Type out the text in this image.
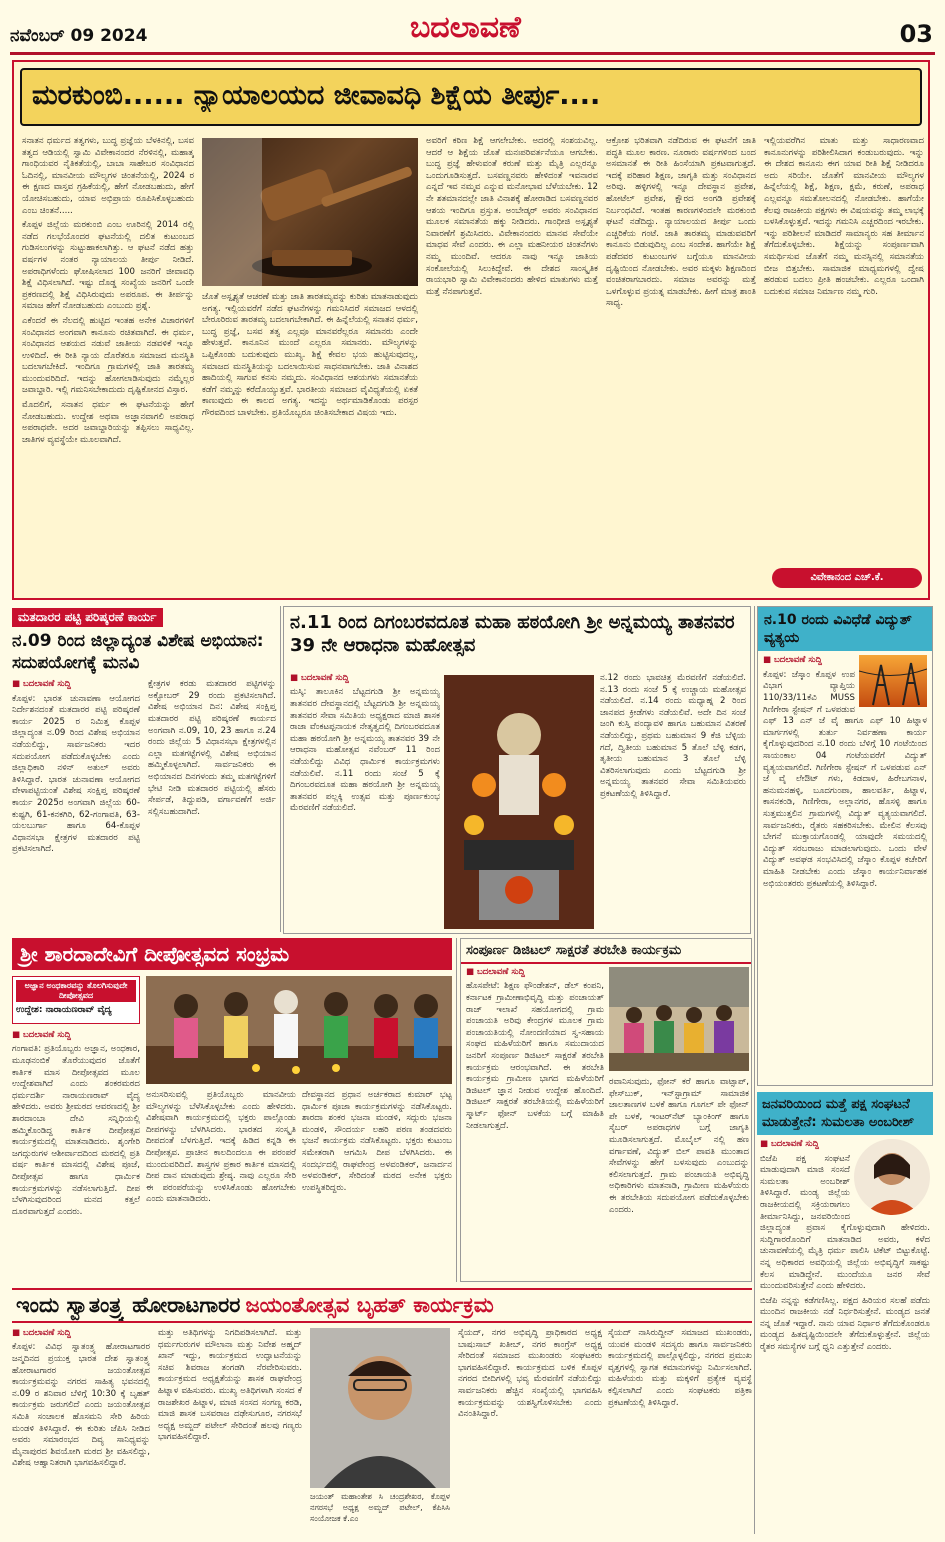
ನವೆಂಬರ್ 09 2024	ಬದಲಾವಣೆ	03
ಮರಕುಂಬಿ...... ನ್ಯಾಯಾಲಯದ ಜೀವಾವಧಿ ಶಿಕ್ಷೆಯ ತೀರ್ಪು....

ಸನಾತನ ಧರ್ಮದ ತತ್ವಗಳು, ಬುದ್ಧ ಪ್ರಜ್ಞೆಯ ಬೆಳಕಿನಲ್ಲಿ, ಬಸವ ತತ್ವದ ಆಡಿಯಲ್ಲಿ ಸ್ವಾಮಿ ವಿವೇಕಾನಂದರ ನೆರಳಿನಲ್ಲಿ, ಮಹಾತ್ಮ ಗಾಂಧಿಯವರ ನೈತಿಕತೆಯಲ್ಲಿ, ಬಾಬಾ ಸಾಹೇಬರ ಸಂವಿಧಾನದ ಓದಿನಲ್ಲಿ, ಮಾನವೀಯ ಮೌಲ್ಯಗಳ ಚಿಂತನೆಯಲ್ಲಿ, 2024 ರ ಈ ಕ್ಷಣದ ವಾಸ್ತವ ಗ್ರಹಿಕೆಯಲ್ಲಿ, ಹೇಗೆ ನೋಡಬಹುದು, ಹೇಗೆ ಯೋಚಿಸಬಹುದು, ಯಾವ ಅಭಿಪ್ರಾಯ ರೂಪಿಸಿಕೊಳ್ಳಬಹುದು ಎಂಬ ಚಿಂತನೆ.....

ಕೊಪ್ಪಳ ಜಿಲ್ಲೆಯ ಮರಕುಂಬಿ ಎಂಬ ಊರಿನಲ್ಲಿ 2014 ರಲ್ಲಿ ನಡೆದ ಗಲಭೆಯೊಂದರ ಘಟನೆಯಲ್ಲಿ ದಲಿತ ಕುಟುಂಬದ ಗುಡಿಸಲುಗಳನ್ನು ಸುಟ್ಟುಹಾಕಲಾಗಿತ್ತು. ಆ ಘಟನೆ ನಡೆದ ಹತ್ತು ವರ್ಷಗಳ ನಂತರ ನ್ಯಾಯಾಲಯ ತೀರ್ಪು ನೀಡಿದೆ. ಅಪರಾಧಿಗಳೆಂದು ಘೋಷಿಸಲಾದ 100 ಜನರಿಗೆ ಜೀವಾವಧಿ ಶಿಕ್ಷೆ ವಿಧಿಸಲಾಗಿದೆ. ಇಷ್ಟು ದೊಡ್ಡ ಸಂಖ್ಯೆಯ ಜನರಿಗೆ ಒಂದೇ ಪ್ರಕರಣದಲ್ಲಿ ಶಿಕ್ಷೆ ವಿಧಿಸಿರುವುದು ಅಪರೂಪ. ಈ ತೀರ್ಪನ್ನು ಸಮಾಜ ಹೇಗೆ ನೋಡಬಹುದು ಎಂಬುದು ಪ್ರಶ್ನೆ.

ಎಕೆಂದರೆ ಈ ನೆಲದಲ್ಲಿ ಹುಟ್ಟಿದ ಇಂತಹ ಅನೇಕ ವಿಚಾರಗಳಿಗೆ ಸಂವಿಧಾನದ ಅಂಗವಾಗಿ ಕಾನೂನು ರಚಿತವಾಗಿದೆ. ಈ ಧರ್ಮ, ಸಂವಿಧಾನದ ಆಶಯದ ನಡುವೆ ಜಾತೀಯ ನಡವಳಿಕೆ ಇನ್ನೂ ಉಳಿದಿದೆ. ಈ ರೀತಿ ನ್ಯಾಯ ದೊರೆತರೂ ಸಮಾಜದ ಮನಸ್ಥಿತಿ ಬದಲಾಗಬೇಕಿದೆ. ಇಂದಿಗೂ ಗ್ರಾಮಗಳಲ್ಲಿ ಜಾತಿ ತಾರತಮ್ಯ ಮುಂದುವರಿದಿದೆ. ಇದನ್ನು ಹೋಗಲಾಡಿಸುವುದು ನಮ್ಮೆಲ್ಲರ ಜವಾಬ್ದಾರಿ. ಇಲ್ಲಿ ಗಮನಿಸಬೇಕಾದುದು ದೃಷ್ಟಿಕೋನದ ವಿಸ್ತಾರ.

ಮೊದಲಿಗೆ, ಸನಾತನ ಧರ್ಮ ಈ ಘಟನೆಯನ್ನು ಹೇಗೆ ನೋಡಬಹುದು. ಉದ್ದೇಶ ಅಥವಾ ಅಜ್ಞಾನವಾಗಲಿ ಅಪರಾಧ ಅಪರಾಧವೇ. ಅದರ ಜವಾಬ್ದಾರಿಯನ್ನು ತಪ್ಪಿಸಲು ಸಾಧ್ಯವಿಲ್ಲ. ಜಾತಿಗಳ ವ್ಯವಸ್ಥೆಯೇ ಮೂಲವಾಗಿದೆ.

ಜೊತೆ ಅಸ್ಪೃಶ್ಯತೆ ಆಚರಣೆ ಮತ್ತು ಜಾತಿ ತಾರತಮ್ಯವನ್ನು ಕುರಿತು ಮಾತನಾಡುವುದು ಅಗತ್ಯ. ಇಲ್ಲಿಯವರೆಗೆ ನಡೆದ ಘಟನೆಗಳನ್ನು ಗಮನಿಸಿದರೆ ಸಮಾಜದ ಆಳದಲ್ಲಿ ಬೇರೂರಿರುವ ತಾರತಮ್ಯ ಬದಲಾಗಬೇಕಾಗಿದೆ. ಈ ಹಿನ್ನೆಲೆಯಲ್ಲಿ ಸನಾತನ ಧರ್ಮ, ಬುದ್ಧ ಪ್ರಜ್ಞೆ, ಬಸವ ತತ್ವ ಎಲ್ಲವೂ ಮಾನವರೆಲ್ಲರೂ ಸಮಾನರು ಎಂದೇ ಹೇಳುತ್ತವೆ. ಕಾನೂನಿನ ಮುಂದೆ ಎಲ್ಲರೂ ಸಮಾನರು. ಮೌಲ್ಯಗಳನ್ನು ಒಪ್ಪಿಕೊಂಡು ಬದುಕುವುದು ಮುಖ್ಯ. ಶಿಕ್ಷೆ ಕೇವಲ ಭಯ ಹುಟ್ಟಿಸುವುದಲ್ಲ, ಸಮಾಜದ ಮನಸ್ಥಿತಿಯನ್ನು ಬದಲಾಯಿಸುವ ಸಾಧನವಾಗಬೇಕು. ಜಾತಿ ವಿನಾಶದ ಹಾದಿಯಲ್ಲಿ ಸಾಗುವ ಕನಸು ನಮ್ಮದು. ಸಂವಿಧಾನದ ಆಶಯಗಳು ಸಮಾನತೆಯ ಕಡೆಗೆ ನಮ್ಮನ್ನು ಕರೆದೊಯ್ಯುತ್ತವೆ. ಭಾರತೀಯ ಸಮಾಜದ ವೈವಿಧ್ಯತೆಯಲ್ಲಿ ಏಕತೆ ಕಾಣುವುದು ಈ ಕಾಲದ ಅಗತ್ಯ. ಇದನ್ನು ಅರ್ಥಮಾಡಿಕೊಂಡು ಪರಸ್ಪರ ಗೌರವದಿಂದ ಬಾಳಬೇಕು. ಪ್ರತಿಯೊಬ್ಬರೂ ಚಿಂತಿಸಬೇಕಾದ ವಿಷಯ ಇದು.

ಅವರಿಗೆ ಕಠಿಣ ಶಿಕ್ಷೆ ಆಗಲೇಬೇಕು. ಅದರಲ್ಲಿ ಸಂಶಯವಿಲ್ಲ. ಆದರೆ ಆ ಶಿಕ್ಷೆಯ ಜೊತೆ ಮನಃಪರಿವರ್ತನೆಯೂ ಆಗಬೇಕು. ಬುದ್ಧ ಪ್ರಜ್ಞೆ ಹೇಳುವಂತೆ ಕರುಣೆ ಮತ್ತು ಮೈತ್ರಿ ಎಲ್ಲರನ್ನೂ ಒಂದುಗೂಡಿಸುತ್ತದೆ. ಬಸವಣ್ಣನವರು ಹೇಳಿದಂತೆ ಇವನಾರವ ಎನ್ನದೆ ಇವ ನಮ್ಮವ ಎನ್ನುವ ಮನೋಭಾವ ಬೆಳೆಯಬೇಕು. 12 ನೇ ಶತಮಾನದಲ್ಲೇ ಜಾತಿ ವಿನಾಶಕ್ಕೆ ಹೋರಾಡಿದ ಬಸವಣ್ಣನವರ ಆಶಯ ಇಂದಿಗೂ ಪ್ರಸ್ತುತ. ಅಂಬೇಡ್ಕರ್ ಅವರು ಸಂವಿಧಾನದ ಮೂಲಕ ಸಮಾನತೆಯ ಹಕ್ಕು ನೀಡಿದರು. ಗಾಂಧೀಜಿ ಅಸ್ಪೃಶ್ಯತೆ ನಿವಾರಣೆಗೆ ಶ್ರಮಿಸಿದರು. ವಿವೇಕಾನಂದರು ಮಾನವ ಸೇವೆಯೇ ಮಾಧವ ಸೇವೆ ಎಂದರು. ಈ ಎಲ್ಲಾ ಮಹನೀಯರ ಚಿಂತನೆಗಳು ನಮ್ಮ ಮುಂದಿವೆ. ಆದರೂ ನಾವು ಇನ್ನೂ ಜಾತಿಯ ಸಂಕೋಲೆಯಲ್ಲಿ ಸಿಲುಕಿದ್ದೇವೆ. ಈ ದೇಶದ ಸಾಂಸ್ಕೃತಿಕ ರಾಯಭಾರಿ ಸ್ವಾಮಿ ವಿವೇಕಾನಂದರು ಹೇಳಿದ ಮಾತುಗಳು ಮತ್ತೆ ಮತ್ತೆ ನೆನಪಾಗುತ್ತವೆ.

ಆಕ್ರೋಶ ಭರಿತವಾಗಿ ನಡೆದಿರುವ ಈ ಘಟನೆಗೆ ಜಾತಿ ಪದ್ಧತಿ ಮೂಲ ಕಾರಣ. ನೂರಾರು ವರ್ಷಗಳಿಂದ ಬಂದ ಅಸಮಾನತೆ ಈ ರೀತಿ ಹಿಂಸೆಯಾಗಿ ಪ್ರಕಟವಾಗುತ್ತದೆ. ಇದಕ್ಕೆ ಪರಿಹಾರ ಶಿಕ್ಷಣ, ಜಾಗೃತಿ ಮತ್ತು ಸಂವಿಧಾನದ ಅರಿವು. ಹಳ್ಳಿಗಳಲ್ಲಿ ಇನ್ನೂ ದೇವಸ್ಥಾನ ಪ್ರವೇಶ, ಹೋಟೆಲ್ ಪ್ರವೇಶ, ಕ್ಷೌರದ ಅಂಗಡಿ ಪ್ರವೇಶಕ್ಕೆ ನಿರ್ಬಂಧವಿದೆ. ಇಂತಹ ಕಾರಣಗಳಿಂದಲೇ ಮರಕುಂಬಿ ಘಟನೆ ನಡೆದಿದ್ದು. ನ್ಯಾಯಾಲಯದ ತೀರ್ಪು ಒಂದು ಎಚ್ಚರಿಕೆಯ ಗಂಟೆ. ಜಾತಿ ತಾರತಮ್ಯ ಮಾಡುವವರಿಗೆ ಕಾನೂನು ಬಿಡುವುದಿಲ್ಲ ಎಂಬ ಸಂದೇಶ. ಹಾಗೆಯೇ ಶಿಕ್ಷೆ ಪಡೆದವರ ಕುಟುಂಬಗಳ ಬಗ್ಗೆಯೂ ಮಾನವೀಯ ದೃಷ್ಟಿಯಿಂದ ನೋಡಬೇಕು. ಅವರ ಮಕ್ಕಳು ಶಿಕ್ಷಣದಿಂದ ವಂಚಿತರಾಗಬಾರದು. ಸಮಾಜ ಅವರನ್ನು ಮತ್ತೆ ಒಳಗೊಳ್ಳುವ ಪ್ರಯತ್ನ ಮಾಡಬೇಕು. ಹೀಗೆ ಮಾತ್ರ ಶಾಂತಿ ಸಾಧ್ಯ.

ಇಲ್ಲಿಯವರೆಗಿನ ಮಾತು ಮತ್ತು ಸಾಧಾರಣವಾದ ಕಾನೂನುಗಳನ್ನು ಪರಿಶೀಲಿಸಿದಾಗ ಕಂಡುಬರುವುದು. ಇನ್ನು ಈ ದೇಶದ ಕಾನೂನು ಈಗ ಯಾವ ರೀತಿ ಶಿಕ್ಷೆ ನೀಡಿದರೂ ಅದು ಸರಿಯೇ. ಜೊತೆಗೆ ಮಾನವೀಯ ಮೌಲ್ಯಗಳ ಹಿನ್ನೆಲೆಯಲ್ಲಿ ಶಿಕ್ಷೆ, ಶಿಕ್ಷಣ, ಕ್ಷಮೆ, ಕರುಣೆ, ಅಪರಾಧ ಎಲ್ಲವನ್ನೂ ಸಮತೋಲನದಲ್ಲಿ ನೋಡಬೇಕು. ಹಾಗೆಯೇ ಕೆಲವು ರಾಜಕೀಯ ಪಕ್ಷಗಳು ಈ ವಿಷಯವನ್ನು ತಮ್ಮ ಲಾಭಕ್ಕೆ ಬಳಸಿಕೊಳ್ಳುತ್ತವೆ. ಇದನ್ನು ಗಮನಿಸಿ ಎಚ್ಚರದಿಂದ ಇರಬೇಕು. ಇನ್ನು ಪರಿಶೀಲನೆ ಮಾಡಿದರೆ ಸಾಮಾನ್ಯರು ಸಹ ತೀರ್ಮಾನ ತೆಗೆದುಕೊಳ್ಳಬೇಕು. ಶಿಕ್ಷೆಯನ್ನು ಸಂಪೂರ್ಣವಾಗಿ ಸಮರ್ಥಿಸುವ ಜೊತೆಗೆ ನಮ್ಮ ಮನಸ್ಸಿನಲ್ಲಿ ಸಮಾನತೆಯ ಬೀಜ ಬಿತ್ತಬೇಕು. ಸಾಮಾಜಿಕ ಮಾಧ್ಯಮಗಳಲ್ಲಿ ದ್ವೇಷ ಹರಡುವ ಬದಲು ಪ್ರೀತಿ ಹಂಚಬೇಕು. ಎಲ್ಲರೂ ಒಂದಾಗಿ ಬದುಕುವ ಸಮಾಜ ನಿರ್ಮಾಣ ನಮ್ಮ ಗುರಿ.

ವಿವೇಕಾನಂದ ಎಚ್.ಕೆ.
ಮತದಾರರ ಪಟ್ಟಿ ಪರಿಷ್ಕರಣೆ ಕಾರ್ಯ
ನ.09 ರಿಂದ ಜಿಲ್ಲಾದ್ಯಂತ ವಿಶೇಷ ಅಭಿಯಾನ: ಸದುಪಯೋಗಕ್ಕೆ ಮನವಿ
■ ಬದಲಾವಣೆ ಸುದ್ದಿ

ಕೊಪ್ಪಳ: ಭಾರತ ಚುನಾವಣಾ ಆಯೋಗದ ನಿರ್ದೇಶನದಂತೆ ಮತದಾರರ ಪಟ್ಟಿ ಪರಿಷ್ಕರಣೆ ಕಾರ್ಯ 2025 ರ ನಿಮಿತ್ತ ಕೊಪ್ಪಳ ಜಿಲ್ಲಾದ್ಯಂತ ನ.09 ರಿಂದ ವಿಶೇಷ ಅಭಿಯಾನ ನಡೆಯಲಿದ್ದು, ಸಾರ್ವಜನಿಕರು ಇದರ ಸದುಪಯೋಗ ಪಡೆದುಕೊಳ್ಳಬೇಕು ಎಂದು ಜಿಲ್ಲಾಧಿಕಾರಿ ನಳಿನ್ ಅತುಲ್ ಅವರು ತಿಳಿಸಿದ್ದಾರೆ. ಭಾರತ ಚುನಾವಣಾ ಆಯೋಗದ ವೇಳಾಪಟ್ಟಿಯಂತೆ ವಿಶೇಷ ಸಂಕ್ಷಿಪ್ತ ಪರಿಷ್ಕರಣೆ ಕಾರ್ಯ 2025ರ ಅಂಗವಾಗಿ ಜಿಲ್ಲೆಯ 60-ಕುಷ್ಟಗಿ, 61-ಕನಕಗಿರಿ, 62-ಗಂಗಾವತಿ, 63-ಯಲಬುರ್ಗಾ ಹಾಗೂ 64-ಕೊಪ್ಪಳ ವಿಧಾನಸಭಾ ಕ್ಷೇತ್ರಗಳ ಮತದಾರರ ಪಟ್ಟಿ ಪ್ರಕಟಿಸಲಾಗಿದೆ.

ಕ್ಷೇತ್ರಗಳ ಕರಡು ಮತದಾರರ ಪಟ್ಟಿಗಳನ್ನು ಅಕ್ಟೋಬರ್ 29 ರಂದು ಪ್ರಕಟಿಸಲಾಗಿದೆ. ವಿಶೇಷ ಅಭಿಯಾನ ದಿನ: ವಿಶೇಷ ಸಂಕ್ಷಿಪ್ತ ಮತದಾರರ ಪಟ್ಟಿ ಪರಿಷ್ಕರಣೆ ಕಾರ್ಯದ ಅಂಗವಾಗಿ ನ.09, 10, 23 ಹಾಗೂ ನ.24 ರಂದು ಜಿಲ್ಲೆಯ 5 ವಿಧಾನಸಭಾ ಕ್ಷೇತ್ರಗಳಲ್ಲಿನ ಎಲ್ಲಾ ಮತಗಟ್ಟೆಗಳಲ್ಲಿ ವಿಶೇಷ ಅಭಿಯಾನ ಹಮ್ಮಿಕೊಳ್ಳಲಾಗಿದೆ. ಸಾರ್ವಜನಿಕರು ಈ ಅಭಿಯಾನದ ದಿನಗಳಂದು ತಮ್ಮ ಮತಗಟ್ಟೆಗಳಿಗೆ ಭೇಟಿ ನೀಡಿ ಮತದಾರರ ಪಟ್ಟಿಯಲ್ಲಿ ಹೆಸರು ಸೇರ್ಪಡೆ, ತಿದ್ದುಪಡಿ, ವರ್ಗಾವಣೆಗೆ ಅರ್ಜಿ ಸಲ್ಲಿಸಬಹುದಾಗಿದೆ.

ನ.11 ರಿಂದ ದಿಗಂಬರವದೂತ ಮಹಾ ಹಠಯೋಗಿ ಶ್ರೀ ಅನ್ನಮಯ್ಯ ತಾತನವರ 39 ನೇ ಆರಾಧನಾ ಮಹೋತ್ಸವ
■ ಬದಲಾವಣೆ ಸುದ್ದಿ

ಮಸ್ಕಿ: ತಾಲೂಕಿನ ಬೆಟ್ಟದಗುಡಿ ಶ್ರೀ ಅನ್ನಮಯ್ಯ ತಾತನವರ ದೇವಸ್ಥಾನದಲ್ಲಿ ಬೆಟ್ಟದಗುಡಿ ಶ್ರೀ ಅನ್ನಮಯ್ಯ ತಾತನವರ ಸೇವಾ ಸಮಿತಿಯ ಅಧ್ಯಕ್ಷರಾದ ಮಾಜಿ ಶಾಸಕ ರಾಜಾ ವೆಂಕಟಪ್ಪನಾಯಕ ನೇತೃತ್ವದಲ್ಲಿ ದಿಗಂಬರವದೂತ ಮಹಾ ಹಠಯೋಗಿ ಶ್ರೀ ಅನ್ನಮಯ್ಯ ತಾತನವರ 39 ನೇ ಆರಾಧನಾ ಮಹೋತ್ಸವ ನವೆಂಬರ್ 11 ರಿಂದ ನಡೆಯಲಿದ್ದು ವಿವಿಧ ಧಾರ್ಮಿಕ ಕಾರ್ಯಕ್ರಮಗಳು ನಡೆಯಲಿವೆ. ನ.11 ರಂದು ಸಂಜೆ 5 ಕ್ಕೆ ದಿಗಂಬರವದೂತ ಮಹಾ ಹಠಯೋಗಿ ಶ್ರೀ ಅನ್ನಮಯ್ಯ ತಾತನವರ ಪಲ್ಲಕ್ಕಿ ಉತ್ಸವ ಮತ್ತು ಪೂರ್ಣಕುಂಭ ಮೆರವಣಿಗೆ ನಡೆಯಲಿದೆ.

ನ.12 ರಂದು ಭಾವಚಿತ್ರ ಮೆರವಣಿಗೆ ನಡೆಯಲಿದೆ. ನ.13 ರಂದು ಸಂಜೆ 5 ಕ್ಕೆ ಉಚ್ಚಾಯ ಮಹೋತ್ಸವ ನಡೆಯಲಿದೆ. ನ.14 ರಂದು ಮಧ್ಯಾಹ್ನ 2 ರಿಂದ ಜಾನಪದ ಕ್ರೀಡೆಗಳು ನಡೆಯಲಿವೆ. ಅದೇ ದಿನ ಸಂಜೆ ಜಂಗಿ ಕುಸ್ತಿ ಪಂದ್ಯಾವಳಿ ಹಾಗೂ ಬಹುಮಾನ ವಿತರಣೆ ನಡೆಯಲಿದ್ದು, ಪ್ರಥಮ ಬಹುಮಾನ 9 ಕೆಜಿ ಬೆಳ್ಳಿಯ ಗದೆ, ದ್ವಿತೀಯ ಬಹುಮಾನ 5 ತೊಲೆ ಬೆಳ್ಳಿ ಕಡಗ, ತೃತೀಯ ಬಹುಮಾನ 3 ತೊಲೆ ಬೆಳ್ಳಿ ವಿತರಿಸಲಾಗುವುದು ಎಂದು ಬೆಟ್ಟದಗುಡಿ ಶ್ರೀ ಅನ್ನಮಯ್ಯ ತಾತನವರ ಸೇವಾ ಸಮಿತಿಯವರು ಪ್ರಕಟಣೆಯಲ್ಲಿ ತಿಳಿಸಿದ್ದಾರೆ.

ನ.10 ರಂದು ವಿವಿಧೆಡೆ ವಿದ್ಯುತ್ ವ್ಯತ್ಯಯ
■ ಬದಲಾವಣೆ ಸುದ್ದಿ

ಕೊಪ್ಪಳ: ಜೆಸ್ಕಾಂ ಕೊಪ್ಪಳ ಉಪ ವಿಭಾಗ ವ್ಯಾಪ್ತಿಯ 110/33/11ಕೆವಿ MUSS ಗಿಣಿಗೇರಾ ಸ್ಟೇಷನ್ ಗೆ ಒಳಪಡುವ ಎಫ್ 13 ಎನ್ ಜೆ ವೈ ಹಾಗೂ ಎಫ್ 10 ಹಿಟ್ನಾಳ ಮಾರ್ಗಗಳಲ್ಲಿ ತುರ್ತು ನಿರ್ವಹಣಾ ಕಾರ್ಯ ಕೈಗೊಳ್ಳುವುದರಿಂದ ನ.10 ರಂದು ಬೆಳಿಗ್ಗೆ 10 ಗಂಟೆಯಿಂದ ಸಾಯಂಕಾಲ 04 ಗಂಟೆಯವರೆಗೆ ವಿದ್ಯುತ್ ವ್ಯತ್ಯಯವಾಗಲಿದೆ. ಗಿಣಿಗೇರಾ ಸ್ಟೇಷನ್ ಗೆ ಒಳಪಡುವ ಎನ್ ಜೆ ವೈ ಲೇಔಟ್ ಗಳು, ಕಿಡದಾಳ, ಹಿರೇಬಗನಾಳ, ಹನುಮನಹಳ್ಳಿ, ಬೂದಗುಂಪಾ, ಹಾಲವರ್ತಿ, ಹಿಟ್ನಾಳ, ಕಾಸನಕಂಡಿ, ಗಿಣಿಗೇರಾ, ಅಲ್ಲಾನಗರ, ಹೊಸಳ್ಳಿ ಹಾಗೂ ಸುತ್ತಮುತ್ತಲಿನ ಗ್ರಾಮಗಳಲ್ಲಿ ವಿದ್ಯುತ್ ವ್ಯತ್ಯಯವಾಗಲಿದೆ. ಸಾರ್ವಜನಿಕರು, ರೈತರು ಸಹಕರಿಸಬೇಕು. ಮೇಲಿನ ಕೆಲಸವು ಬೇಗನೆ ಮುಕ್ತಾಯಗೊಂಡಲ್ಲಿ ಯಾವುದೇ ಸಮಯದಲ್ಲಿ ವಿದ್ಯುತ್ ಸರಬರಾಜು ಮಾಡಲಾಗುವುದು. ಒಂದು ವೇಳೆ ವಿದ್ಯುತ್ ಅವಘಡ ಸಂಭವಿಸಿದಲ್ಲಿ ಜೆಸ್ಕಾಂ ಕೊಪ್ಪಳ ಕಚೇರಿಗೆ ಮಾಹಿತಿ ನೀಡಬೇಕು ಎಂದು ಜೆಸ್ಕಾಂ ಕಾರ್ಯನಿರ್ವಾಹಕ ಅಭಿಯಂತರರು ಪ್ರಕಟಣೆಯಲ್ಲಿ ತಿಳಿಸಿದ್ದಾರೆ.

ಶ್ರೀ ಶಾರದಾದೇವಿಗೆ ದೀಪೋತ್ಸವದ ಸಂಭ್ರಮ
ಅಜ್ಞಾನ ಅಂಧಕಾರವನ್ನು ತೊಲಗಿಸುವುದೇ ದೀಪೋತ್ಸವದ
ಉದ್ದೇಶ: ನಾರಾಯಣರಾವ್ ವೈದ್ಯ
■ ಬದಲಾವಣೆ ಸುದ್ದಿ

ಗಂಗಾವತಿ: ಪ್ರತಿಯೊಬ್ಬರು ಅಜ್ಞಾನ, ಅಂಧಕಾರ, ಮೂಢನಂಬಿಕೆ ತೊರೆಯುವುದರ ಜೊತೆಗೆ ಕಾರ್ತಿಕ ಮಾಸ ದೀಪೋತ್ಸವದ ಮೂಲ ಉದ್ದೇಶವಾಗಿದೆ ಎಂದು ಶಂಕರಮಠದ ಧರ್ಮದರ್ಶಿ ನಾರಾಯಣರಾವ್ ವೈದ್ಯ ಹೇಳಿದರು. ಅವರು ಶ್ರೀಮಠದ ಆವರಣದಲ್ಲಿ ಶ್ರೀ ಶಾರದಾಂಬಾ ದೇವಿ ಸನ್ನಿಧಿಯಲ್ಲಿ ಹಮ್ಮಿಕೊಂಡಿದ್ದ ಕಾರ್ತಿಕ ದೀಪೋತ್ಸವ ಕಾರ್ಯಕ್ರಮದಲ್ಲಿ ಮಾತನಾಡಿದರು. ಶೃಂಗೇರಿ ಜಗದ್ಗುರುಗಳ ಆಶೀರ್ವಾದದಿಂದ ಮಠದಲ್ಲಿ ಪ್ರತಿ ವರ್ಷ ಕಾರ್ತಿಕ ಮಾಸದಲ್ಲಿ ವಿಶೇಷ ಪೂಜೆ, ದೀಪೋತ್ಸವ ಹಾಗೂ ಧಾರ್ಮಿಕ ಕಾರ್ಯಕ್ರಮಗಳನ್ನು ನಡೆಸಲಾಗುತ್ತಿದೆ. ದೀಪ ಬೆಳಗಿಸುವುದರಿಂದ ಮನದ ಕತ್ತಲೆ ದೂರವಾಗುತ್ತದೆ ಎಂದರು.

ಅನುಸರಿಸುವಲ್ಲಿ ಪ್ರತಿಯೊಬ್ಬರು ಮಾನವೀಯ ಮೌಲ್ಯಗಳನ್ನು ಬೆಳೆಸಿಕೊಳ್ಳಬೇಕು ಎಂದು ಹೇಳಿದರು. ವಿಶೇಷವಾಗಿ ಕಾರ್ಯಕ್ರಮದಲ್ಲಿ ಭಕ್ತರು ಪಾಲ್ಗೊಂಡು ದೀಪಗಳನ್ನು ಬೆಳಗಿಸಿದರು. ಭಾರತದ ಸಂಸ್ಕೃತಿ ದೀಪದಂತೆ ಬೆಳಗುತ್ತಿದೆ. ಇದಕ್ಕೆ ಹಿಡಿದ ಕನ್ನಡಿ ಈ ದೀಪೋತ್ಸವ. ಪ್ರಾಚೀನ ಕಾಲದಿಂದಲೂ ಈ ಪರಂಪರೆ ಮುಂದುವರಿದಿದೆ. ಶಾಸ್ತ್ರಗಳ ಪ್ರಕಾರ ಕಾರ್ತಿಕ ಮಾಸದಲ್ಲಿ ದೀಪ ದಾನ ಮಾಡುವುದು ಶ್ರೇಷ್ಠ. ನಾವು ಎಲ್ಲರೂ ಸೇರಿ ಈ ಪರಂಪರೆಯನ್ನು ಉಳಿಸಿಕೊಂಡು ಹೋಗಬೇಕು ಎಂದು ಮಾತನಾಡಿದರು.

ದೇವಸ್ಥಾನದ ಪ್ರಧಾನ ಅರ್ಚಕರಾದ ಕುಮಾರ್ ಭಟ್ಟ ಧಾರ್ಮಿಕ ಪೂಜಾ ಕಾರ್ಯಕ್ರಮಗಳನ್ನು ನಡೆಸಿಕೊಟ್ಟರು. ಶಾರದಾ ಶಂಕರ ಭಜನಾ ಮಂಡಳಿ, ಸದ್ಗುರು ಭಜನಾ ಮಂಡಳಿ, ಸೌಂದರ್ಯ ಲಹರಿ ಪಠಣ ತಂಡದವರು ಭಜನೆ ಕಾರ್ಯಕ್ರಮ ನಡೆಸಿಕೊಟ್ಟರು. ಭಕ್ತರು ಕುಟುಂಬ ಸಮೇತರಾಗಿ ಆಗಮಿಸಿ ದೀಪ ಬೆಳಗಿಸಿದರು. ಈ ಸಂದರ್ಭದಲ್ಲಿ ರಾಘವೇಂದ್ರ ಅಳವಂಡಿಕರ್, ಜನಾರ್ದನ ಅಳವಂಡಿಕರ್, ಸೇರಿದಂತೆ ಮಠದ ಅನೇಕ ಭಕ್ತರು ಉಪಸ್ಥಿತರಿದ್ದರು.

ಸಂಪೂರ್ಣ ಡಿಜಿಟಲ್ ಸಾಕ್ಷರತೆ ತರಬೇತಿ ಕಾರ್ಯಕ್ರಮ
■ ಬದಲಾವಣೆ ಸುದ್ದಿ

ಹೊಸಪೇಟೆ: ಶಿಕ್ಷಣ ಫೌಂಡೇಶನ್, ಡೆಲ್ ಕಂಪನಿ, ಕರ್ನಾಟಕ ಗ್ರಾಮೀಣಾಭಿವೃದ್ಧಿ ಮತ್ತು ಪಂಚಾಯತ್ ರಾಜ್ ಇಲಾಖೆ ಸಹಯೋಗದಲ್ಲಿ ಗ್ರಾಮ ಪಂಚಾಯತಿ ಅರಿವು ಕೇಂದ್ರಗಳ ಮೂಲಕ ಗ್ರಾಮ ಪಂಚಾಯತಿಯಲ್ಲಿ ನೋಂದಣಿಯಾದ ಸ್ವ-ಸಹಾಯ ಸಂಘದ ಮಹಿಳೆಯರಿಗೆ ಹಾಗೂ ಸಮುದಾಯದ ಜನರಿಗೆ ಸಂಪೂರ್ಣ ಡಿಜಿಟಲ್ ಸಾಕ್ಷರತೆ ತರಬೇತಿ ಕಾರ್ಯಕ್ರಮ ಆರಂಭವಾಗಿದೆ. ಈ ತರಬೇತಿ ಕಾರ್ಯಕ್ರಮ ಗ್ರಾಮೀಣ ಭಾಗದ ಮಹಿಳೆಯರಿಗೆ ಡಿಜಿಟಲ್ ಜ್ಞಾನ ನೀಡುವ ಉದ್ದೇಶ ಹೊಂದಿದೆ. ಡಿಜಿಟಲ್ ಸಾಕ್ಷರತೆ ತರಬೇತಿಯಲ್ಲಿ ಮಹಿಳೆಯರಿಗೆ ಸ್ಮಾರ್ಟ್ ಫೋನ್ ಬಳಕೆಯ ಬಗ್ಗೆ ಮಾಹಿತಿ ನೀಡಲಾಗುತ್ತದೆ.

ರವಾನಿಸುವುದು, ಫೋನ್ ಕರೆ ಹಾಗೂ ವಾಟ್ಸಾಪ್, ಫೇಸ್‌ಬುಕ್, ಇನ್‌ಸ್ಟಾಗ್ರಾಮ್ ಸಾಮಾಜಿಕ ಜಾಲತಾಣಗಳ ಬಳಕೆ ಹಾಗೂ ಗೂಗಲ್ ಪೇ ಫೋನ್ ಪೇ ಬಳಕೆ, ಇಂಟರ್‌ನೆಟ್ ಬ್ಯಾಂಕಿಂಗ್ ಹಾಗೂ ಸೈಬರ್ ಅಪರಾಧಗಳ ಬಗ್ಗೆ ಜಾಗೃತಿ ಮೂಡಿಸಲಾಗುತ್ತದೆ. ಮೊಬೈಲ್ ನಲ್ಲಿ ಹಣ ವರ್ಗಾವಣೆ, ವಿದ್ಯುತ್ ಬಿಲ್ ಪಾವತಿ ಮುಂತಾದ ಸೇವೆಗಳನ್ನು ಹೇಗೆ ಬಳಸುವುದು ಎಂಬುದನ್ನು ಕಲಿಸಲಾಗುತ್ತದೆ. ಗ್ರಾಮ ಪಂಚಾಯತಿ ಅಭಿವೃದ್ಧಿ ಅಧಿಕಾರಿಗಳು ಮಾತನಾಡಿ, ಗ್ರಾಮೀಣ ಮಹಿಳೆಯರು ಈ ತರಬೇತಿಯ ಸದುಪಯೋಗ ಪಡೆದುಕೊಳ್ಳಬೇಕು ಎಂದರು.

ಜನವರಿಯಿಂದ ಮತ್ತೆ ಪಕ್ಷ ಸಂಘಟನೆ ಮಾಡುತ್ತೇನೆ: ಸುಮಲತಾ ಅಂಬರೀಶ್
■ ಬದಲಾವಣೆ ಸುದ್ದಿ

ಬಿಜೆಪಿ ಪಕ್ಷ ಸಂಘಟನೆ ಮಾಡುವುದಾಗಿ ಮಾಜಿ ಸಂಸದೆ ಸುಮಲತಾ ಅಂಬರೀಶ್ ತಿಳಿಸಿದ್ದಾರೆ. ಮಂಡ್ಯ ಜಿಲ್ಲೆಯ ರಾಜಕೀಯದಲ್ಲಿ ಸಕ್ರಿಯರಾಗಲು ತೀರ್ಮಾನಿಸಿದ್ದು, ಜನವರಿಯಿಂದ ಜಿಲ್ಲಾದ್ಯಂತ ಪ್ರವಾಸ ಕೈಗೊಳ್ಳುವುದಾಗಿ ಹೇಳಿದರು. ಸುದ್ದಿಗಾರರೊಂದಿಗೆ ಮಾತನಾಡಿದ ಅವರು, ಕಳೆದ ಚುನಾವಣೆಯಲ್ಲಿ ಮೈತ್ರಿ ಧರ್ಮ ಪಾಲಿಸಿ ಟಿಕೆಟ್ ಬಿಟ್ಟುಕೊಟ್ಟೆ. ನನ್ನ ಅಧಿಕಾರದ ಅವಧಿಯಲ್ಲಿ ಜಿಲ್ಲೆಯ ಅಭಿವೃದ್ಧಿಗೆ ಸಾಕಷ್ಟು ಕೆಲಸ ಮಾಡಿದ್ದೇನೆ. ಮುಂದೆಯೂ ಜನರ ಸೇವೆ ಮುಂದುವರಿಸುತ್ತೇನೆ ಎಂದು ಹೇಳಿದರು.

ಬಿಜೆಪಿ ನನ್ನನ್ನು ಕಡೆಗಣಿಸಿಲ್ಲ. ಪಕ್ಷದ ಹಿರಿಯರ ಸಲಹೆ ಪಡೆದು ಮುಂದಿನ ರಾಜಕೀಯ ನಡೆ ನಿರ್ಧರಿಸುತ್ತೇನೆ. ಮಂಡ್ಯದ ಜನತೆ ನನ್ನ ಜೊತೆ ಇದ್ದಾರೆ. ನಾನು ಯಾವ ನಿರ್ಧಾರ ತೆಗೆದುಕೊಂಡರೂ ಮಂಡ್ಯದ ಹಿತದೃಷ್ಟಿಯಿಂದಲೇ ತೆಗೆದುಕೊಳ್ಳುತ್ತೇನೆ. ಜಿಲ್ಲೆಯ ರೈತರ ಸಮಸ್ಯೆಗಳ ಬಗ್ಗೆ ಧ್ವನಿ ಎತ್ತುತ್ತೇನೆ ಎಂದರು.

ಇಂದು ಸ್ವಾತಂತ್ರ್ಯ ಹೋರಾಟಗಾರರ ಜಯಂತೋತ್ಸವ ಬೃಹತ್ ಕಾರ್ಯಕ್ರಮ
■ ಬದಲಾವಣೆ ಸುದ್ದಿ

ಕೊಪ್ಪಳ: ವಿವಿಧ ಸ್ವಾತಂತ್ರ್ಯ ಹೋರಾಟಗಾರರ ಜನ್ಮದಿನದ ಪ್ರಯುಕ್ತ ಭಾರತ ದೇಶ ಸ್ವಾತಂತ್ರ್ಯ ಹೋರಾಟಗಾರರ ಜಯಂತೋತ್ಸವ ಕಾರ್ಯಕ್ರಮವನ್ನು ನಗರದ ಸಾಹಿತ್ಯ ಭವನದಲ್ಲಿ ನ.09 ರ ಶನಿವಾರ ಬೆಳಿಗ್ಗೆ 10:30 ಕ್ಕೆ ಬೃಹತ್ ಕಾರ್ಯಕ್ರಮ ಜರುಗಲಿದೆ ಎಂದು ಜಯಂತೋತ್ಸವ ಸಮಿತಿ ಸಂಚಾಲಕ ಹೊಸಮನಿ ಸೇರಿ ಹಿರಿಯ ಮಂಡಳಿ ತಿಳಿಸಿದ್ದಾರೆ. ಈ ಕುರಿತು ಜೆಪಿಸಿ ನೀಡಿದ ಅವರು ಸಮಾರಂಭದ ದಿವ್ಯ ಸಾನಿಧ್ಯವನ್ನು ಮೈನಾಪುರದ ಶಿವಯೋಗಿ ಮಠದ ಶ್ರೀ ವಹಿಸಲಿದ್ದು, ವಿಶೇಷ ಆಹ್ವಾನಿತರಾಗಿ ಭಾಗವಹಿಸಲಿದ್ದಾರೆ.

ಮತ್ತು ಅತಿಥಿಗಳನ್ನು ನಿಗದಿಪಡಿಸಲಾಗಿದೆ. ಮತ್ತು ಧರ್ಮಗುರುಗಳ ಮೌಲಾನಾ ಮತ್ತು ನಿವೇಶ ಅಹ್ಮದ್ ಖಾನ್ ಇದ್ದು, ಕಾರ್ಯಕ್ರಮದ ಉದ್ಘಾಟನೆಯನ್ನು ಸಚಿವ ಶಿವರಾಜ ತಂಗಡಗಿ ನೆರವೇರಿಸುವರು. ಕಾರ್ಯಕ್ರಮದ ಅಧ್ಯಕ್ಷತೆಯನ್ನು ಶಾಸಕ ರಾಘವೇಂದ್ರ ಹಿಟ್ನಾಳ ವಹಿಸುವರು. ಮುಖ್ಯ ಅತಿಥಿಗಳಾಗಿ ಸಂಸದ ಕೆ ರಾಜಶೇಖರ ಹಿಟ್ನಾಳ, ಮಾಜಿ ಸಂಸದ ಸಂಗಣ್ಣ ಕರಡಿ, ಮಾಜಿ ಶಾಸಕ ಬಸವರಾಜ ದಢೇಸುಗೂರ, ನಗರಸಭೆ ಅಧ್ಯಕ್ಷ ಅಮ್ಜದ್ ಪಟೇಲ್ ಸೇರಿದಂತೆ ಹಲವು ಗಣ್ಯರು ಭಾಗವಹಿಸಲಿದ್ದಾರೆ.

ಜಯಂತ್ ಮಹಾಂತೇಶ ಸಿ ಚಂದ್ರಶೇಖರ, ಕೊಪ್ಪಳ ನಗರಸಭೆ ಅಧ್ಯಕ್ಷ ಅಮ್ಜದ್ ಪಟೇಲ್, ಕೆಪಿಸಿಸಿ ಸಂಯೋಜಕ ಕೆ.ಎಂ

ಸೈಯದ್, ನಗರ ಅಭಿವೃದ್ಧಿ ಪ್ರಾಧಿಕಾರದ ಅಧ್ಯಕ್ಷ ಬಾಷುಸಾಬ್ ಖತೀಬ್, ನಗರ ಕಾಂಗ್ರೆಸ್ ಅಧ್ಯಕ್ಷ ಸೇರಿದಂತೆ ಸಮಾಜದ ಮುಖಂಡರು ಸಂಘಟಕರು ಭಾಗವಹಿಸಲಿದ್ದಾರೆ. ಕಾರ್ಯಕ್ರಮದ ಬಳಿಕ ಕೊಪ್ಪಳ ನಗರದ ಬೀದಿಗಳಲ್ಲಿ ಭವ್ಯ ಮೆರವಣಿಗೆ ನಡೆಯಲಿದ್ದು ಸಾರ್ವಜನಿಕರು ಹೆಚ್ಚಿನ ಸಂಖ್ಯೆಯಲ್ಲಿ ಭಾಗವಹಿಸಿ ಕಾರ್ಯಕ್ರಮವನ್ನು ಯಶಸ್ವಿಗೊಳಿಸಬೇಕು ಎಂದು ವಿನಂತಿಸಿದ್ದಾರೆ.

ಸೈಯದ್ ನಾಸಿರುದ್ದೀನ್ ಸಮಾಜದ ಮುಖಂಡರು, ಯುವಕ ಮಂಡಳಿ ಸದಸ್ಯರು ಹಾಗೂ ಸಾರ್ವಜನಿಕರು ಕಾರ್ಯಕ್ರಮದಲ್ಲಿ ಪಾಲ್ಗೊಳ್ಳಲಿದ್ದು, ನಗರದ ಪ್ರಮುಖ ವೃತ್ತಗಳಲ್ಲಿ ಸ್ವಾಗತ ಕಮಾನುಗಳನ್ನು ನಿರ್ಮಿಸಲಾಗಿದೆ. ಮಹಿಳೆಯರು ಮತ್ತು ಮಕ್ಕಳಿಗೆ ಪ್ರತ್ಯೇಕ ವ್ಯವಸ್ಥೆ ಕಲ್ಪಿಸಲಾಗಿದೆ ಎಂದು ಸಂಘಟಕರು ಪತ್ರಿಕಾ ಪ್ರಕಟಣೆಯಲ್ಲಿ ತಿಳಿಸಿದ್ದಾರೆ.
